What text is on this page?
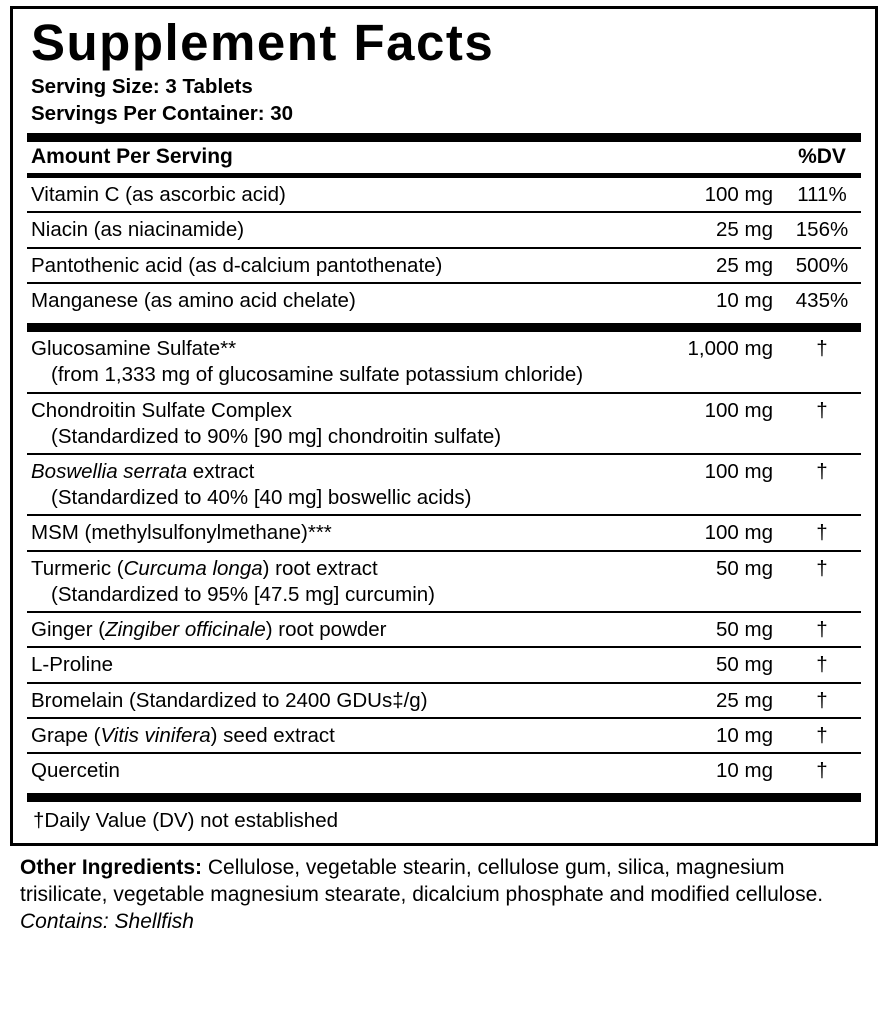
Supplement Facts
Serving Size: 3 Tablets
Servings Per Container: 30
Amount Per Serving	%DV
Vitamin C (as ascorbic acid)	100 mg	111%
Niacin (as niacinamide)	25 mg	156%
Pantothenic acid (as d-calcium pantothenate)	25 mg	500%
Manganese (as amino acid chelate)	10 mg	435%
Glucosamine Sulfate**
(from 1,333 mg of glucosamine sulfate potassium chloride)
1,000 mg	†
Chondroitin Sulfate Complex
(Standardized to 90% [90 mg] chondroitin sulfate)
100 mg	†
Boswellia serrata extract
(Standardized to 40% [40 mg] boswellic acids)
100 mg	†
MSM (methylsulfonylmethane)***	100 mg	†
Turmeric (Curcuma longa) root extract
(Standardized to 95% [47.5 mg] curcumin)
50 mg	†
Ginger (Zingiber officinale) root powder	50 mg	†
L-Proline	50 mg	†
Bromelain (Standardized to 2400 GDUs‡/g)	25 mg	†
Grape (Vitis vinifera) seed extract	10 mg	†
Quercetin	10 mg	†
†Daily Value (DV) not established
Other Ingredients: Cellulose, vegetable stearin, cellulose gum, silica, magnesium trisilicate, vegetable magnesium stearate, dicalcium phosphate and modified cellulose. Contains: Shellfish
